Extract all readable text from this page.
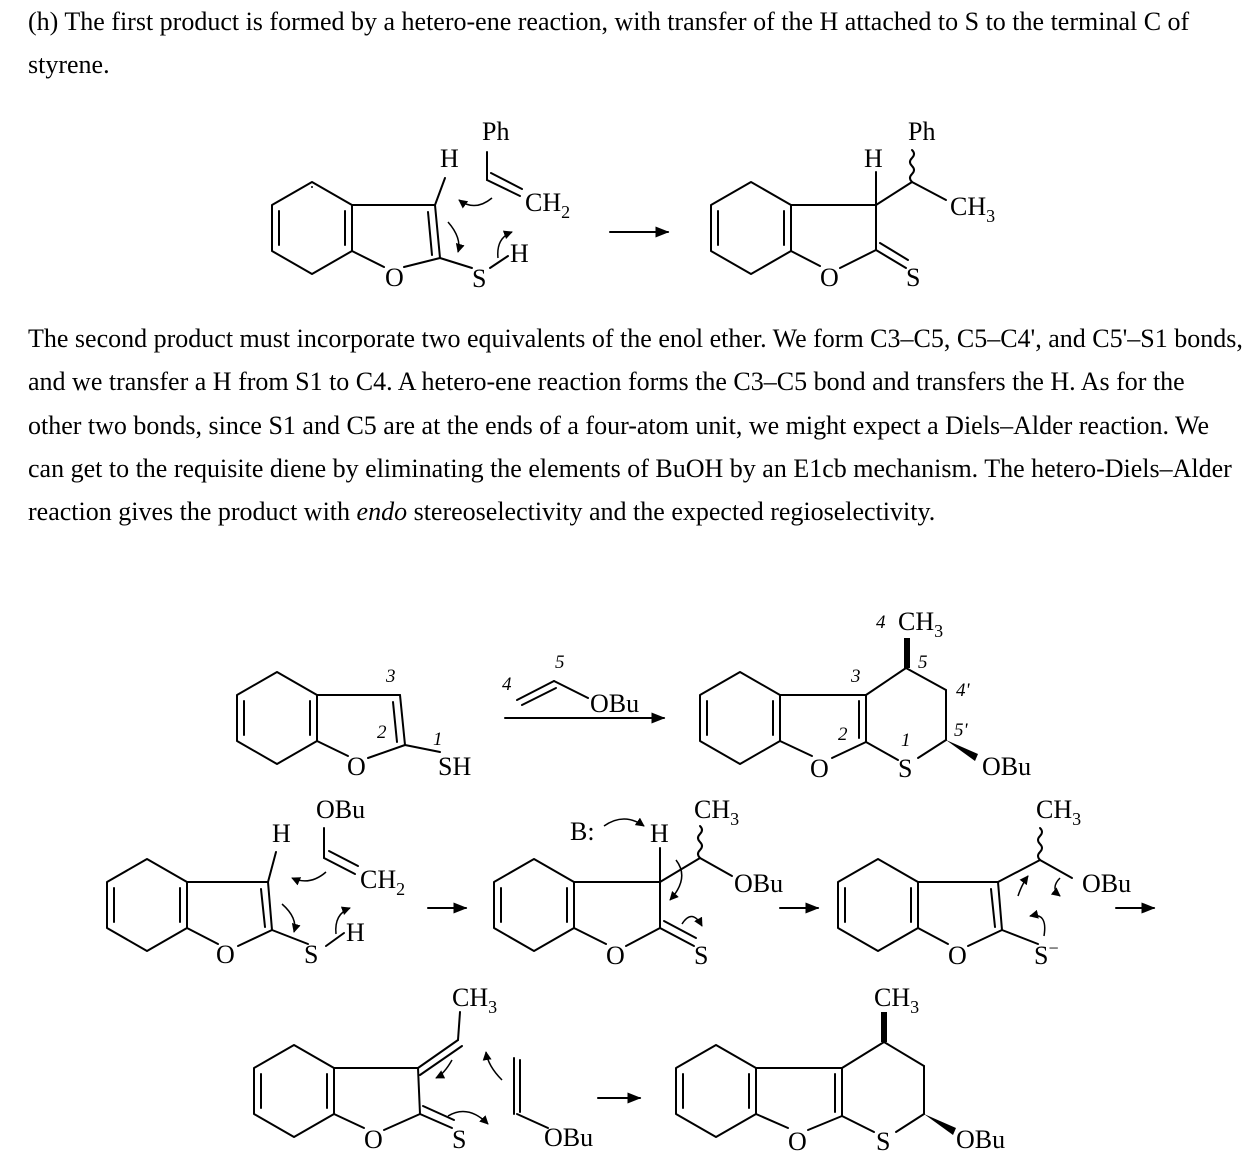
(h) The first product is formed by a hetero-ene reaction, with transfer of the H attached to S to the terminal C of styrene.

The second product must incorporate two equivalents of the enol ether. We form C3–C5, C5–C4', and C5'–S1 bonds, and we transfer a H from S1 to C4. A hetero-ene reaction forms the C3–C5 bond and transfers the H. As for the other two bonds, since S1 and C5 are at the ends of a four-atom unit, we might expect a Diels–Alder reaction. We can get to the requisite diene by eliminating the elements of BuOH by an E1cb mechanism. The hetero-Diels–Alder reaction gives the product with endo stereoselectivity and the expected regioselectivity.

O	S
H
Ph
$CH_2$
H
O	S
H
Ph
$CH_3$
O	SH
3
2 1
4
5
OBu
S
O	OBu
4 $CH_3$
5
3
4'
5'
2	1
O	S
H
OBu
$CH_2$
H
O	S
H
B:
$CH_3$
OBu
O	S−
$CH_3$
OBu
O	S
$CH_3$
OBu	O	S
$CH_3$
OBu
